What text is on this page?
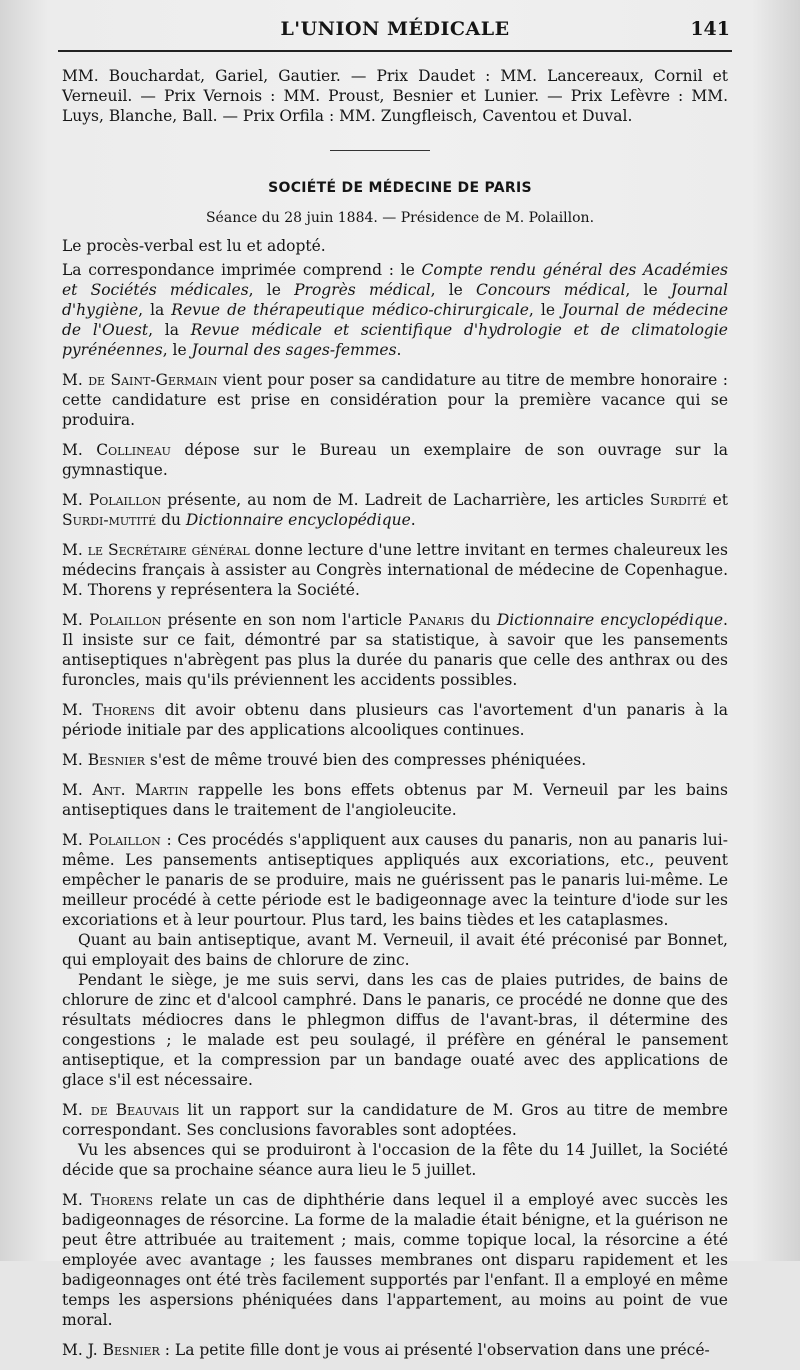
L'UNION MÉDICALE	141

MM. Bouchardat, Gariel, Gautier. — Prix Daudet : MM. Lancereaux, Cornil et Verneuil. — Prix Vernois : MM. Proust, Besnier et Lunier. — Prix Lefèvre : MM. Luys, Blanche, Ball. — Prix Orfila : MM. Zungfleisch, Caventou et Duval.

SOCIÉTÉ DE MÉDECINE DE PARIS
Séance du 28 juin 1884. — Présidence de M. Polaillon.

Le procès-verbal est lu et adopté.

La correspondance imprimée comprend : le Compte rendu général des Académies et Sociétés médicales, le Progrès médical, le Concours médical, le Journal d'hygiène, la Revue de thérapeutique médico-chirurgicale, le Journal de médecine de l'Ouest, la Revue médicale et scientifique d'hydrologie et de climatologie pyrénéennes, le Journal des sages-femmes.

M. de Saint-Germain vient pour poser sa candidature au titre de membre honoraire : cette candidature est prise en considération pour la première vacance qui se produira.

M. Collineau dépose sur le Bureau un exemplaire de son ouvrage sur la gymnastique.

M. Polaillon présente, au nom de M. Ladreit de Lacharrière, les articles Surdité et Surdi-mutité du Dictionnaire encyclopédique.

M. le Secrétaire général donne lecture d'une lettre invitant en termes chaleureux les médecins français à assister au Congrès international de médecine de Copenhague. M. Thorens y représentera la Société.

M. Polaillon présente en son nom l'article Panaris du Dictionnaire encyclopédique. Il insiste sur ce fait, démontré par sa statistique, à savoir que les pansements antiseptiques n'abrègent pas plus la durée du panaris que celle des anthrax ou des furoncles, mais qu'ils préviennent les accidents possibles.

M. Thorens dit avoir obtenu dans plusieurs cas l'avortement d'un panaris à la période initiale par des applications alcooliques continues.

M. Besnier s'est de même trouvé bien des compresses phéniquées.

M. Ant. Martin rappelle les bons effets obtenus par M. Verneuil par les bains antiseptiques dans le traitement de l'angioleucite.

M. Polaillon : Ces procédés s'appliquent aux causes du panaris, non au panaris lui-même. Les pansements antiseptiques appliqués aux excoriations, etc., peuvent empêcher le panaris de se produire, mais ne guérissent pas le panaris lui-même. Le meilleur procédé à cette période est le badigeonnage avec la teinture d'iode sur les excoriations et à leur pourtour. Plus tard, les bains tièdes et les cataplasmes.

Quant au bain antiseptique, avant M. Verneuil, il avait été préconisé par Bonnet, qui employait des bains de chlorure de zinc.

Pendant le siège, je me suis servi, dans les cas de plaies putrides, de bains de chlorure de zinc et d'alcool camphré. Dans le panaris, ce procédé ne donne que des résultats médiocres dans le phlegmon diffus de l'avant-bras, il détermine des congestions ; le malade est peu soulagé, il préfère en général le pansement antiseptique, et la compression par un bandage ouaté avec des applications de glace s'il est nécessaire.

M. de Beauvais lit un rapport sur la candidature de M. Gros au titre de membre correspondant. Ses conclusions favorables sont adoptées.

Vu les absences qui se produiront à l'occasion de la fête du 14 Juillet, la Société décide que sa prochaine séance aura lieu le 5 juillet.

M. Thorens relate un cas de diphthérie dans lequel il a employé avec succès les badigeonnages de résorcine. La forme de la maladie était bénigne, et la guérison ne peut être attribuée au traitement ; mais, comme topique local, la résorcine a été employée avec avantage ; les fausses membranes ont disparu rapidement et les badigeonnages ont été très facilement supportés par l'enfant. Il a employé en même temps les aspersions phéniquées dans l'appartement, au moins au point de vue moral.

M. J. Besnier : La petite fille dont je vous ai présenté l'observation dans une précé-
